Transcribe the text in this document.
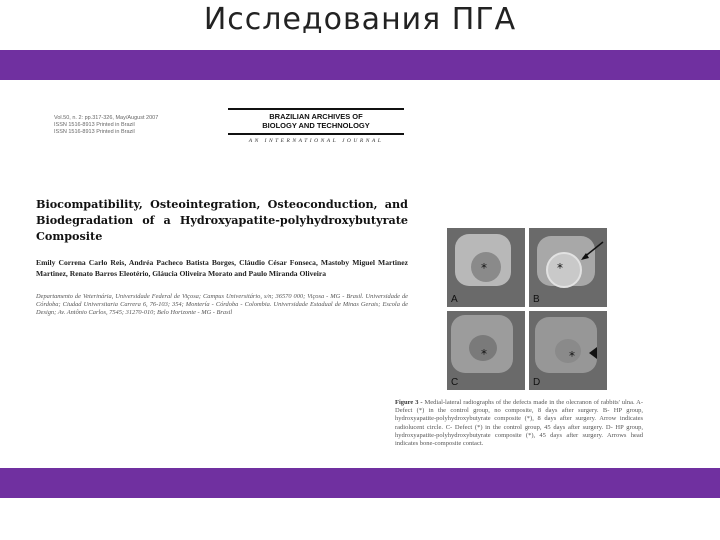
Исследования ПГА
Vol.50, n. 2: pp.317-326, May/August 2007
ISSN 1516-8913 Printed in Brazil
ISSN 1516-8913 Printed in Brazil
BRAZILIAN ARCHIVES OF
BIOLOGY AND TECHNOLOGY
AN INTERNATIONAL JOURNAL
Biocompatibility, Osteointegration, Osteoconduction, and Biodegradation of a Hydroxyapatite-polyhydroxybutyrate Composite
Emily Correna Carlo Reis, Andréa Pacheco Batista Borges, Cláudio César Fonseca, Mastoby Miguel Martinez Martinez, Renato Barros Eleotério, Gláucia Oliveira Morato and Paulo Miranda Oliveira
Departamento de Veterinária, Universidade Federal de Viçosa; Campus Universitário, s/n; 36570 000; Viçosa - MG - Brasil. Universidade de Córdoba; Ciudad Universitaria Carrera 6, 76-103; 354; Montería - Córdoba - Colombia. Universidade Estadual de Minas Gerais; Escola de Design; Av. Antônio Carlos, 7545; 31270-010; Belo Horizonte - MG - Brasil
*
A
*
B
*
C
*
D
Figure 3 - Medial-lateral radiographs of the defects made in the olecranon of rabbits' ulna. A- Defect (*) in the control group, no composite, 8 days after surgery. B- HP group, hydroxyapatite-polyhydroxybutyrate composite (*), 8 days after surgery. Arrow indicates radiolucent circle. C- Defect (*) in the control group, 45 days after surgery. D- HP group, hydroxyapatite-polyhydroxybutyrate composite (*), 45 days after surgery. Arrows head indicates bone-composite contact.
